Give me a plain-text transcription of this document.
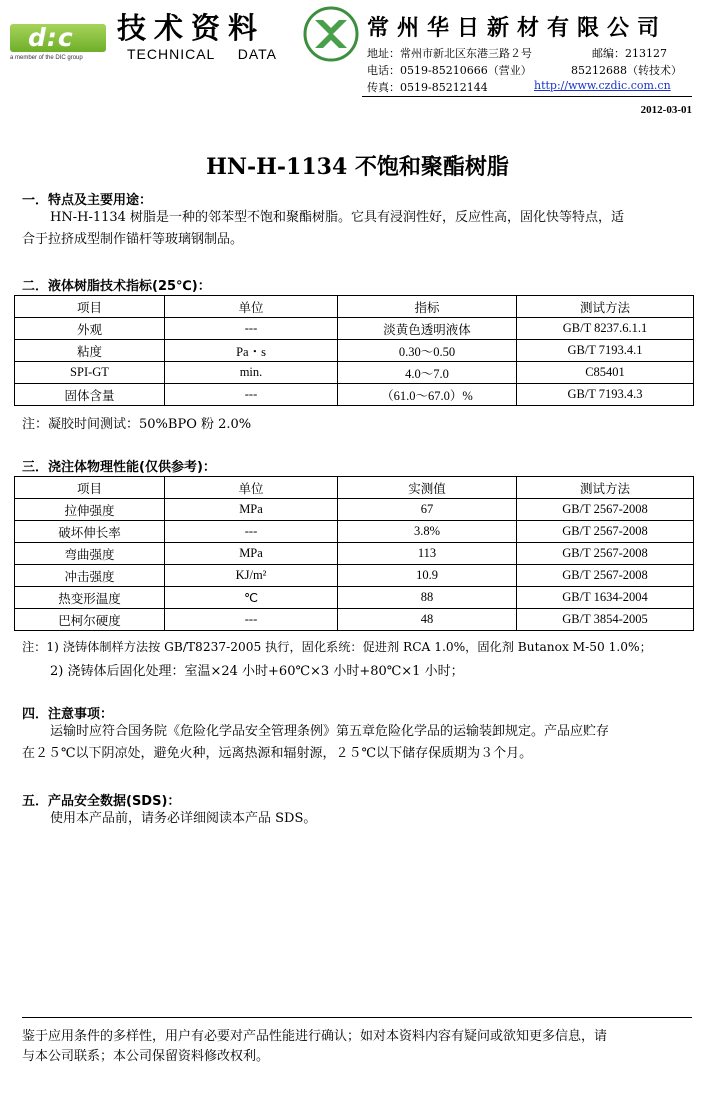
d:c
a member of the DIC group
技术资料
TECHNICAL DATA
常州华日新材有限公司
地址：常州市新北区东港三路２号	邮编：213127
电话：0519-85210666（营业）	85212688（转技术）
传真：0519-85212144	http://www.czdic.com.cn
2012-03-01
HN-H-1134 不饱和聚酯树脂
一．特点及主要用途：
HN-H-1134 树脂是一种的邻苯型不饱和聚酯树脂。它具有浸润性好，反应性高，固化快等特点，适
合于拉挤成型制作锚杆等玻璃钢制品。
二．液体树脂技术指标(25℃)：
项目	单位	指标	测试方法
外观	---	淡黄色透明液体	GB/T 8237.6.1.1
粘度	Pa・s	0.30～0.50	GB/T 7193.4.1
SPI-GT	min.	4.0～7.0	C85401
固体含量	---	（61.0～67.0）%	GB/T 7193.4.3
注：凝胶时间测试：50%BPO 粉 2.0%
三．浇注体物理性能(仅供参考)：
项目	单位	实测值	测试方法
拉伸强度	MPa	67	GB/T 2567-2008
破坏伸长率	---	3.8%	GB/T 2567-2008
弯曲强度	MPa	113	GB/T 2567-2008
冲击强度	KJ/m²	10.9	GB/T 2567-2008
热变形温度	℃	88	GB/T 1634-2004
巴柯尔硬度	---	48	GB/T 3854-2005
注：1) 浇铸体制样方法按 GB/T8237-2005 执行，固化系统：促进剂 RCA 1.0%，固化剂 Butanox M-50 1.0%；
2) 浇铸体后固化处理：室温×24 小时+60℃×3 小时+80℃×1 小时；
四．注意事项：
运输时应符合国务院《危险化学品安全管理条例》第五章危险化学品的运输装卸规定。产品应贮存
在２５℃以下阴凉处，避免火种，远离热源和辐射源，２５℃以下储存保质期为３个月。
五．产品安全数据(SDS)：
使用本产品前，请务必详细阅读本产品 SDS。
鉴于应用条件的多样性，用户有必要对产品性能进行确认；如对本资料内容有疑问或欲知更多信息，请
与本公司联系；本公司保留资料修改权利。
